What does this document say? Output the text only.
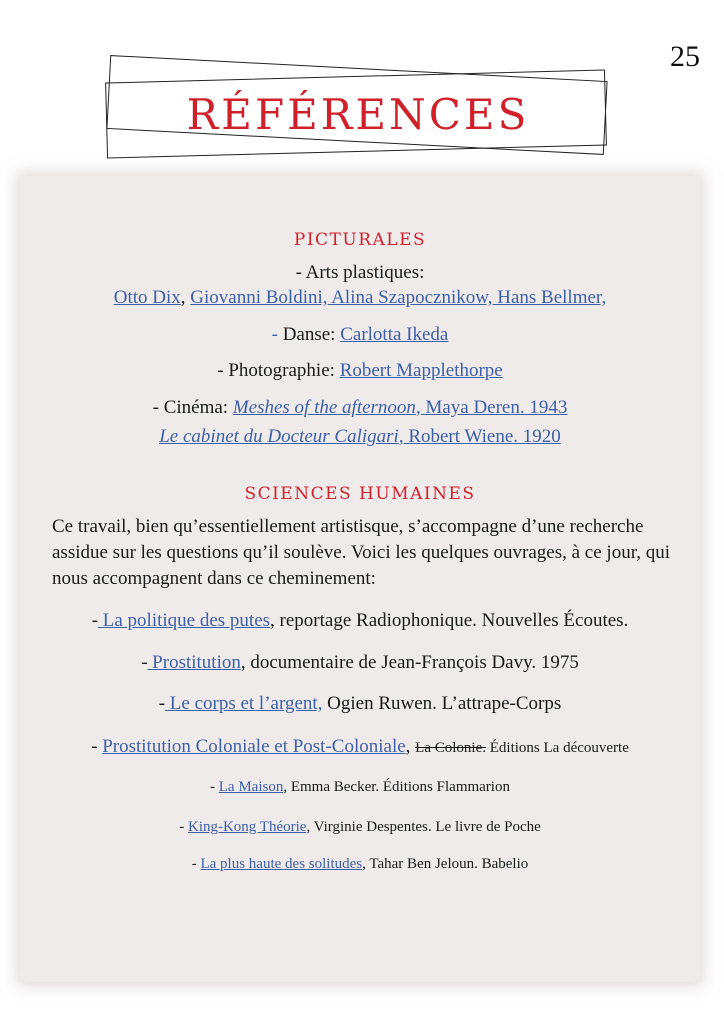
25
RÉFÉRENCES
PICTURALES
- Arts plastiques:
Otto Dix, Giovanni Boldini, Alina Szapocznikow, Hans Bellmer,
- Danse: Carlotta Ikeda
- Photographie: Robert Mapplethorpe
- Cinéma: Meshes of the afternoon, Maya Deren. 1943
Le cabinet du Docteur Caligari, Robert Wiene. 1920
SCIENCES HUMAINES
Ce travail, bien qu’essentiellement artistisque, s’accompagne d’une recherche assidue sur les questions qu’il soulève. Voici les quelques ouvrages, à ce jour, qui nous accompagnent dans ce cheminement:
- La politique des putes, reportage Radiophonique. Nouvelles Écoutes.
- Prostitution, documentaire de Jean-François Davy. 1975
- Le corps et l’argent, Ogien Ruwen. L’attrape-Corps
- Prostitution Coloniale et Post-Coloniale, La Colonie. Éditions La découverte
- La Maison, Emma Becker. Éditions Flammarion
- King-Kong Théorie, Virginie Despentes. Le livre de Poche
- La plus haute des solitudes, Tahar Ben Jeloun. Babelio
